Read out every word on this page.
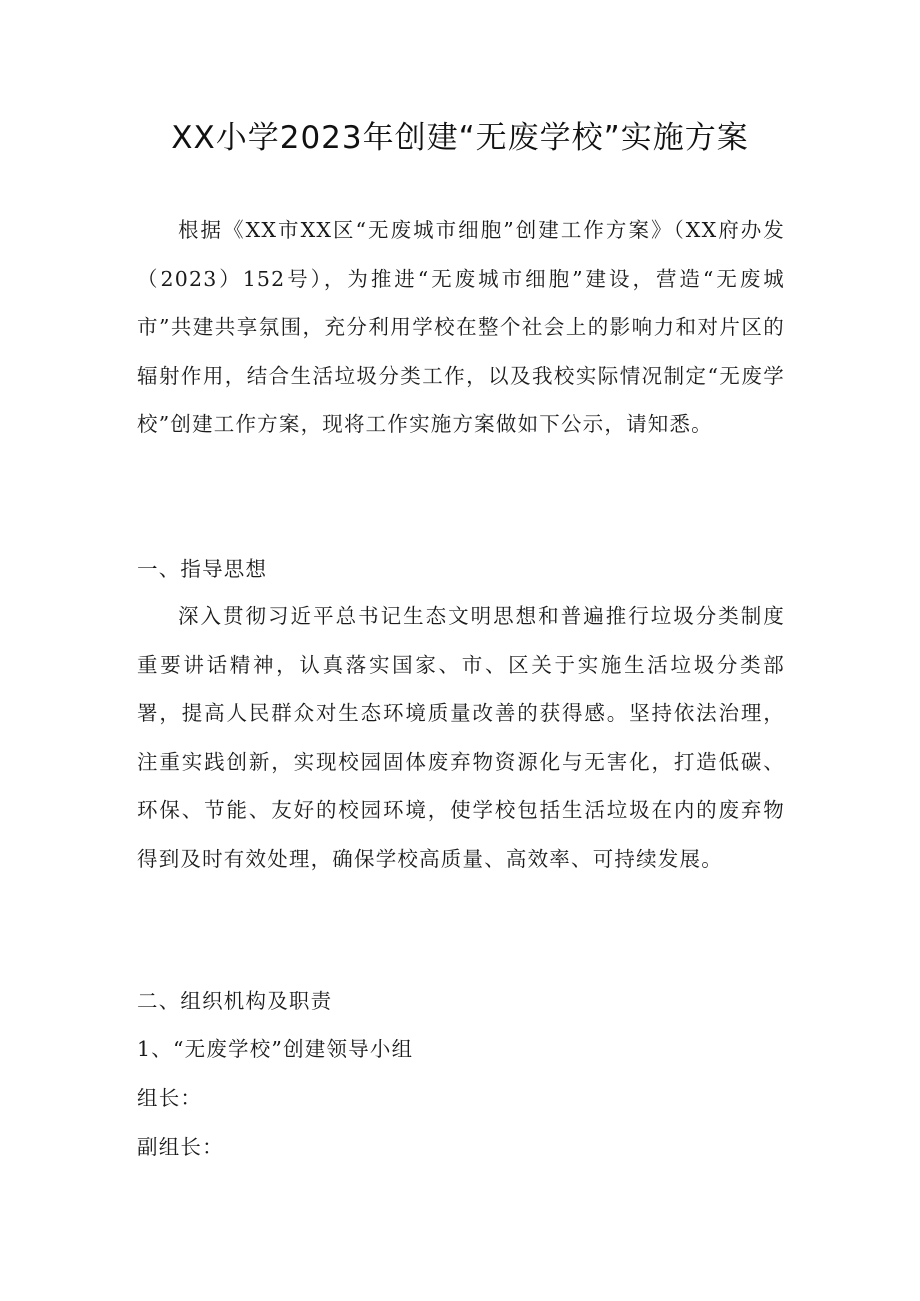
XX小学2023年创建“无废学校”实施方案

根据《XX市XX区“无废城市细胞”创建工作方案》（XX府办发（2023）152号），为推进“无废城市细胞”建设，营造“无废城市”共建共享氛围，充分利用学校在整个社会上的影响力和对片区的辐射作用，结合生活垃圾分类工作，以及我校实际情况制定“无废学校”创建工作方案，现将工作实施方案做如下公示，请知悉。

一、指导思想

深入贯彻习近平总书记生态文明思想和普遍推行垃圾分类制度重要讲话精神，认真落实国家、市、区关于实施生活垃圾分类部署，提高人民群众对生态环境质量改善的获得感。坚持依法治理，注重实践创新，实现校园固体废弃物资源化与无害化，打造低碳、环保、节能、友好的校园环境，使学校包括生活垃圾在内的废弃物得到及时有效处理，确保学校高质量、高效率、可持续发展。

二、组织机构及职责

1、“无废学校”创建领导小组

组长：

副组长：
